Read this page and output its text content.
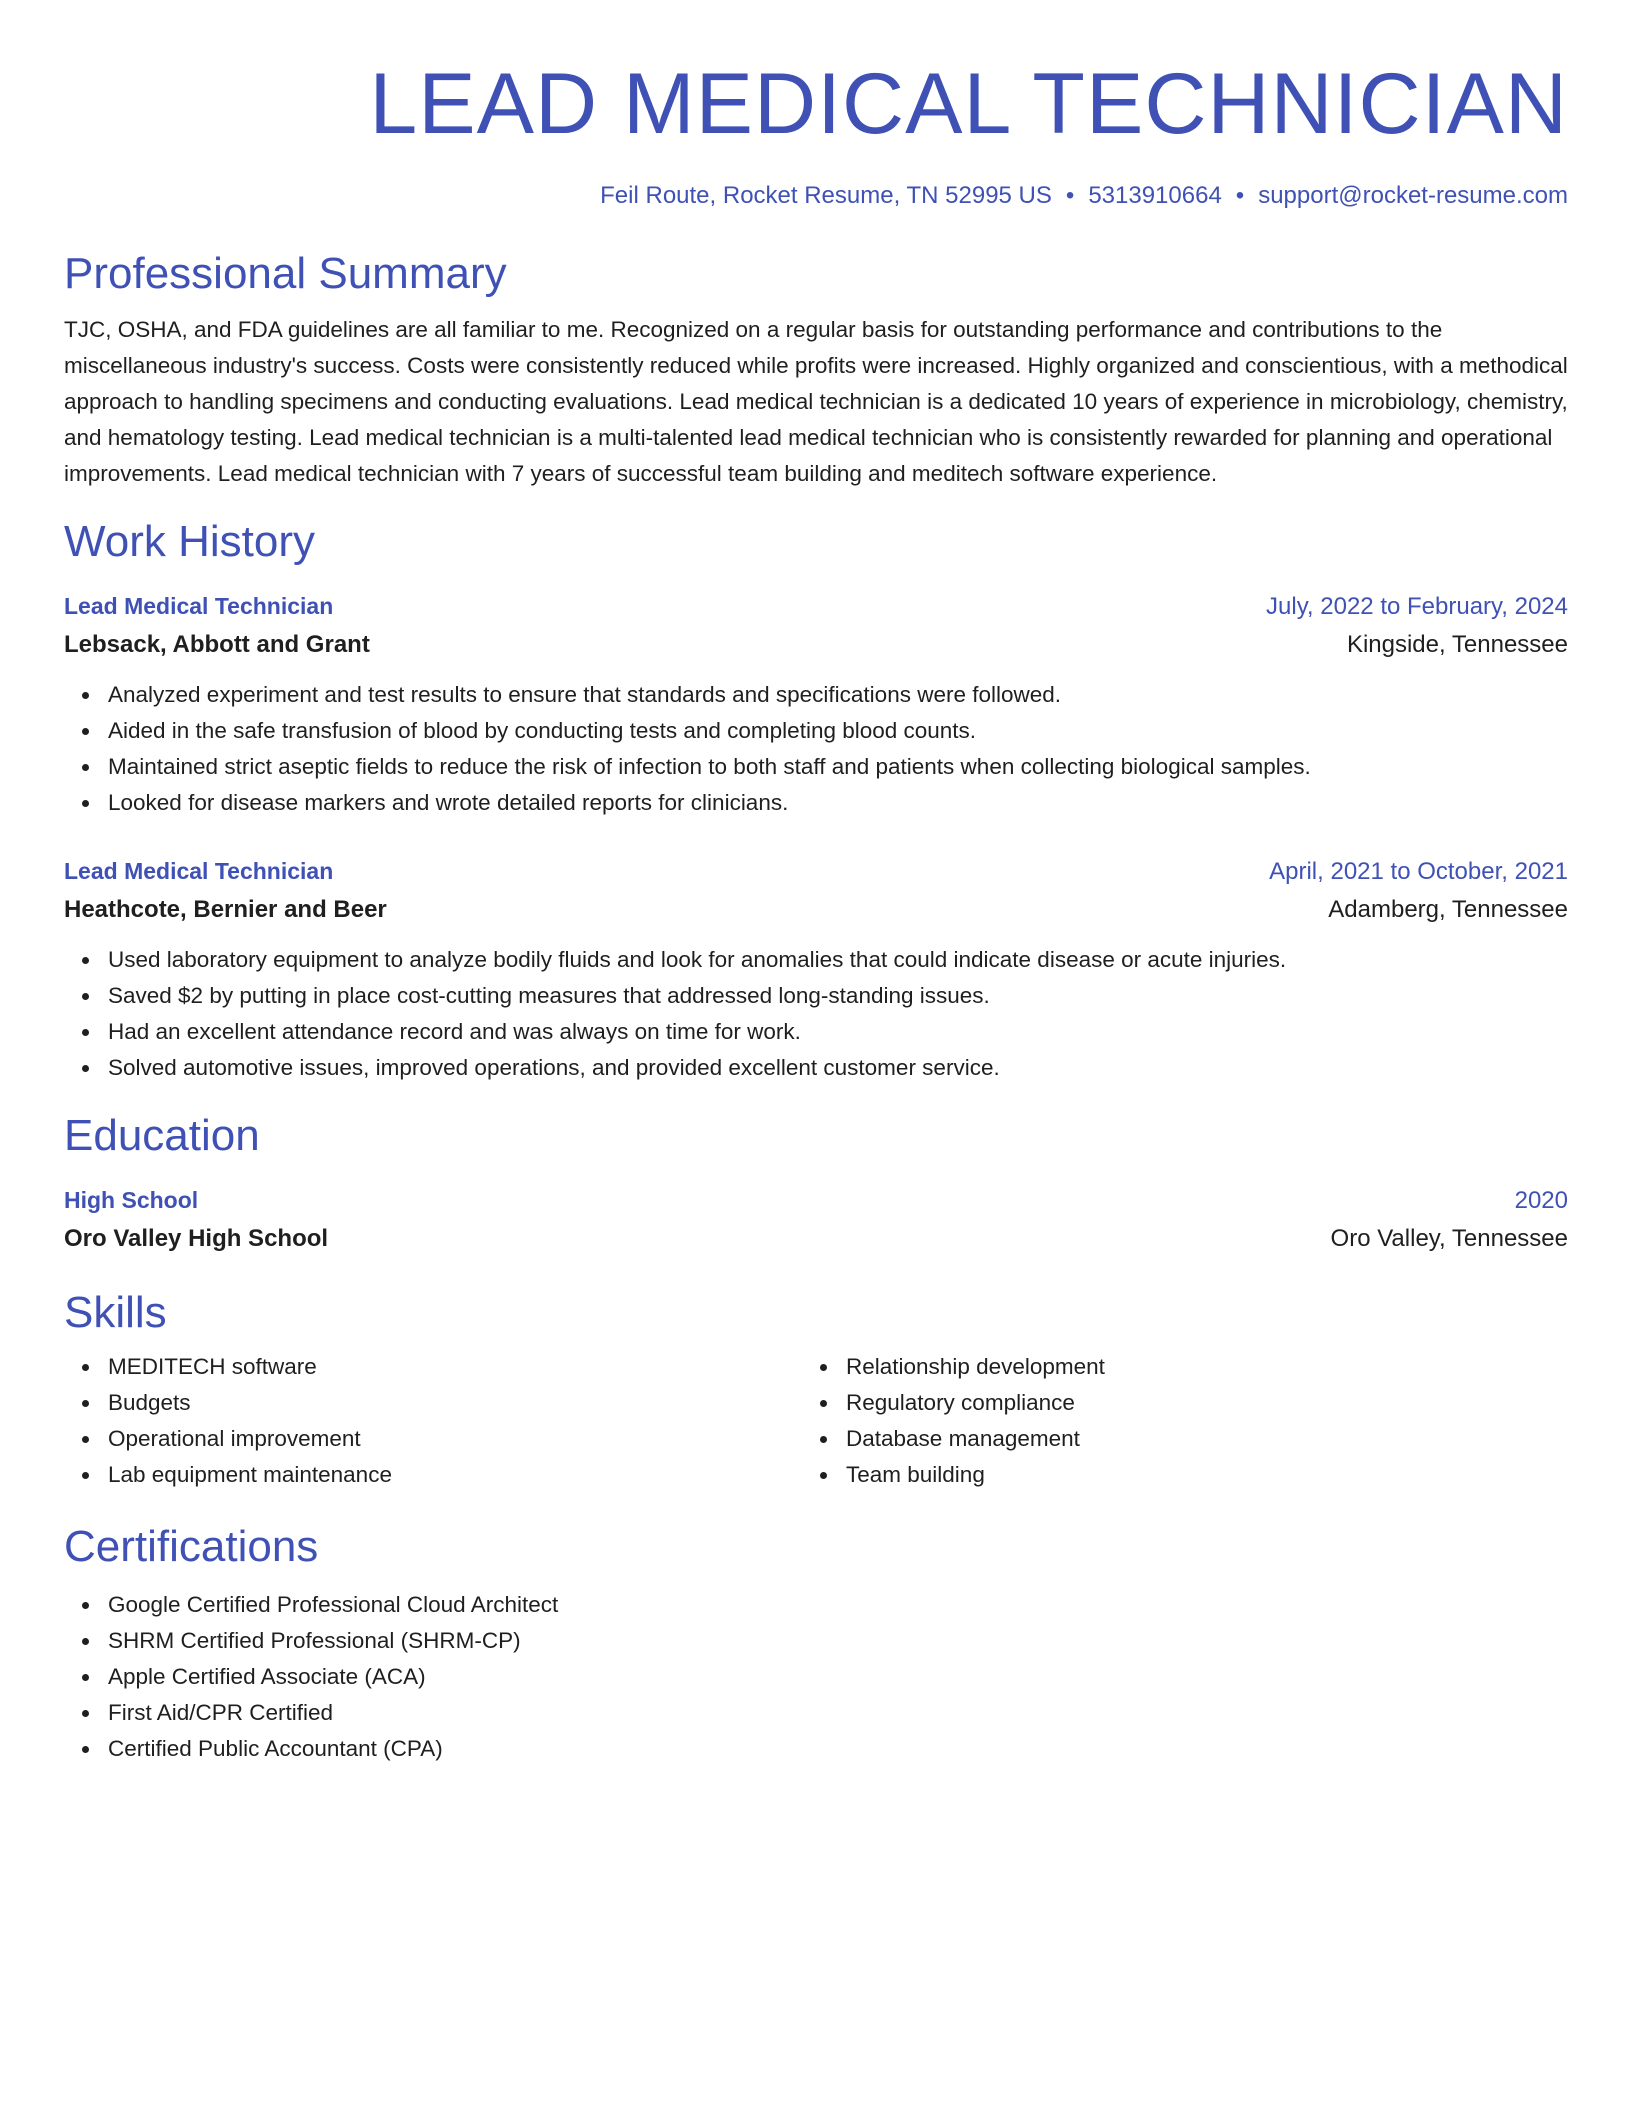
LEAD MEDICAL TECHNICIAN
Feil Route, Rocket Resume, TN 52995 US • 5313910664 • support@rocket-resume.com
Professional Summary

TJC, OSHA, and FDA guidelines are all familiar to me. Recognized on a regular basis for outstanding performance and contributions to the miscellaneous industry's success. Costs were consistently reduced while profits were increased. Highly organized and conscientious, with a methodical approach to handling specimens and conducting evaluations. Lead medical technician is a dedicated 10 years of experience in microbiology, chemistry, and hematology testing. Lead medical technician is a multi-talented lead medical technician who is consistently rewarded for planning and operational improvements. Lead medical technician with 7 years of successful team building and meditech software experience.

Work History
Lead Medical Technician	July, 2022 to February, 2024
Lebsack, Abbott and Grant	Kingside, Tennessee
Analyzed experiment and test results to ensure that standards and specifications were followed.
Aided in the safe transfusion of blood by conducting tests and completing blood counts.
Maintained strict aseptic fields to reduce the risk of infection to both staff and patients when collecting biological samples.
Looked for disease markers and wrote detailed reports for clinicians.
Lead Medical Technician	April, 2021 to October, 2021
Heathcote, Bernier and Beer	Adamberg, Tennessee
Used laboratory equipment to analyze bodily fluids and look for anomalies that could indicate disease or acute injuries.
Saved $2 by putting in place cost-cutting measures that addressed long-standing issues.
Had an excellent attendance record and was always on time for work.
Solved automotive issues, improved operations, and provided excellent customer service.
Education
High School	2020
Oro Valley High School	Oro Valley, Tennessee
Skills
MEDITECH software
Budgets
Operational improvement
Lab equipment maintenance
Relationship development
Regulatory compliance
Database management
Team building
Certifications
Google Certified Professional Cloud Architect
SHRM Certified Professional (SHRM-CP)
Apple Certified Associate (ACA)
First Aid/CPR Certified
Certified Public Accountant (CPA)
